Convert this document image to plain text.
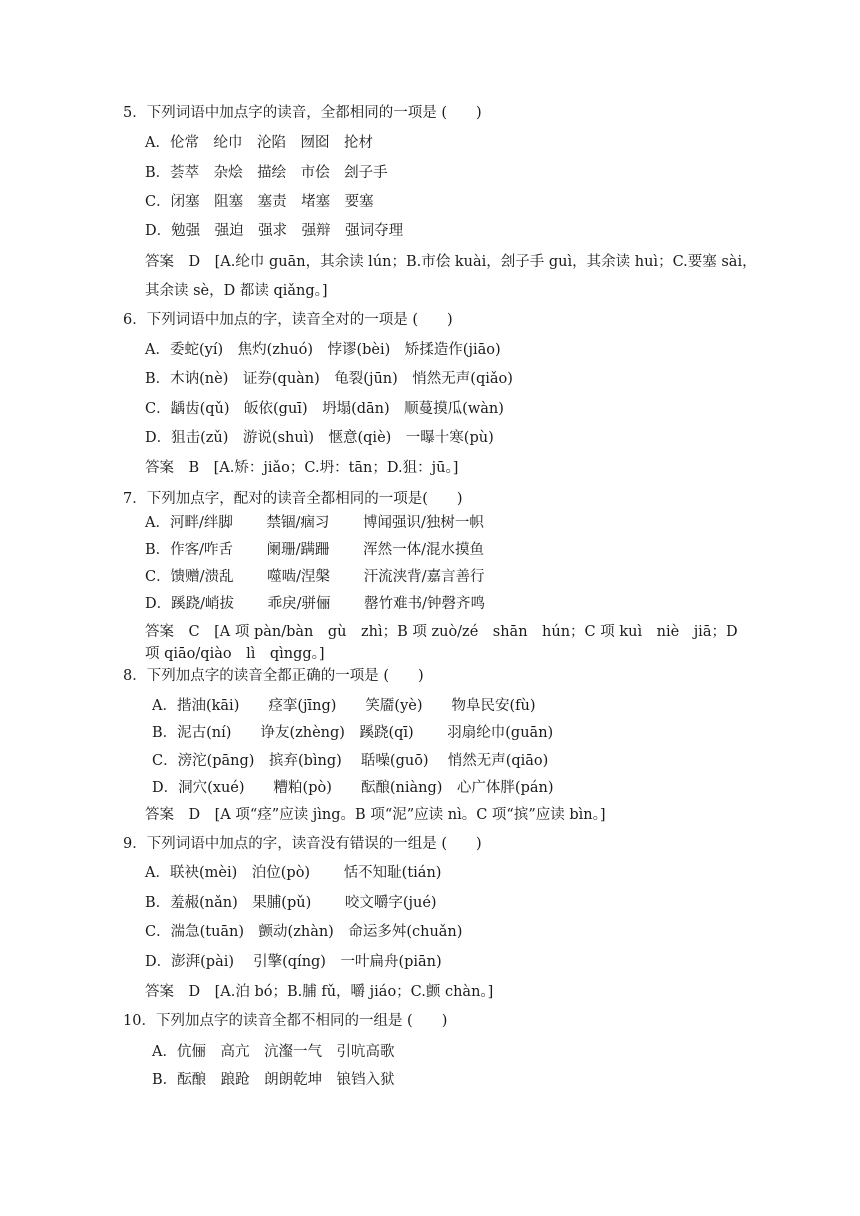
5．下列词语中加点字的读音，全都相同的一项是 (　　)
A．伦常　纶巾　沦陷　囫囵　抡材
B．荟萃　杂烩　描绘　市侩　刽子手
C．闭塞　阻塞　塞责　堵塞　要塞
D．勉强　强迫　强求　强辩　强词夺理
答案　D　[A.纶巾 guān，其余读 lún；B.市侩 kuài，刽子手 guì，其余读 huì；C.要塞 sài，
其余读 sè，D 都读 qiǎng。]
6．下列词语中加点的字，读音全对的一项是 (　　)
A．委蛇(yí)　焦灼(zhuó)　悖谬(bèi)　矫揉造作(jiāo)
B．木讷(nè)　证券(quàn)　龟裂(jūn)　悄然无声(qiǎo)
C．龋齿(qǔ)　皈依(guī)　坍塌(dān)　顺蔓摸瓜(wàn)
D．狙击(zǔ)　游说(shuì)　惬意(qiè)　一曝十寒(pù)
答案　B　[A.矫：jiǎo；C.坍：tān；D.狙：jū。]
7．下列加点字，配对的读音全都相同的一项是(　　)
A．河畔/绊脚　　 禁锢/痼习　　 博闻强识/独树一帜
B．作客/咋舌　　 阑珊/蹒跚　　 浑然一体/混水摸鱼
C．馈赠/溃乱　　 噬啮/涅槃　　 汗流浃背/嘉言善行
D．蹊跷/峭拔　　 乖戾/骈俪　　 罄竹难书/钟磬齐鸣
答案　C　[A 项 pàn/bàn　gù　zhì；B 项 zuò/zé　shān　hún；C 项 kuì　niè　jiā；D
项 qiāo/qiào　lì　qìngg。]
8．下列加点字的读音全都正确的一项是 (　　)
A．揩油(kāi)　　痉挛(jīng)　　笑靥(yè)　　物阜民安(fù)
B．泥古(ní)　　诤友(zhèng)　蹊跷(qī)　　 羽扇纶巾(guān)
C．滂沱(pāng)　摈弃(bìng)　 聒噪(guō)　 悄然无声(qiāo)
D．洞穴(xué)　　糟粕(pò)　　酝酿(niàng)　心广体胖(pán)
答案　D　[A 项“痉”应读 jìng。B 项“泥”应读 nì。C 项“摈”应读 bìn。]
9．下列词语中加点的字，读音没有错误的一组是 (　　)
A．联袂(mèi)　泊位(pò)　　 恬不知耻(tián)
B．羞赧(nǎn)　果脯(pǔ)　　 咬文嚼字(jué)
C．湍急(tuān)　颤动(zhàn)　命运多舛(chuǎn)
D．澎湃(pài)　 引擎(qíng)　一叶扁舟(piān)
答案　D　[A.泊 bó；B.脯 fǔ，嚼 jiáo；C.颤 chàn。]
10．下列加点字的读音全都不相同的一组是 (　　)
A．伉俪　高亢　沆瀣一气　引吭高歌
B．酝酿　踉跄　朗朗乾坤　锒铛入狱
